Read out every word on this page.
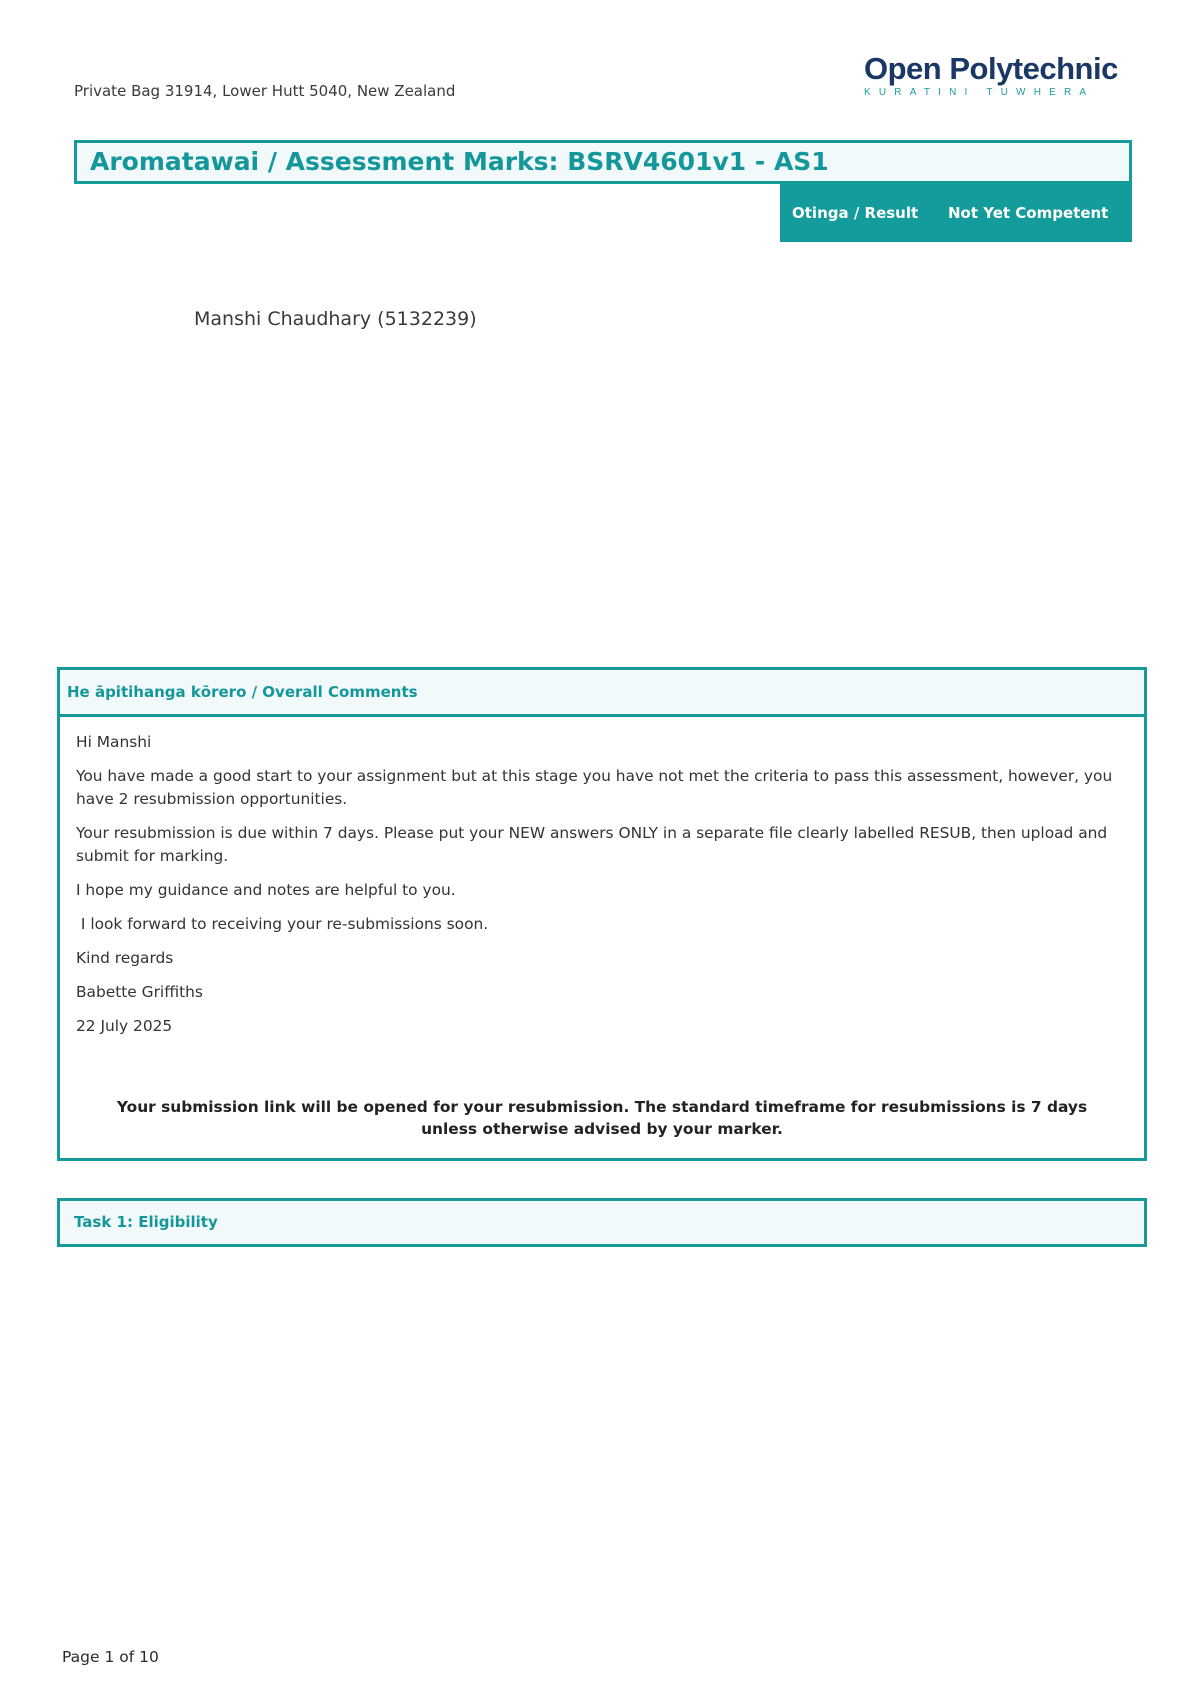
Private Bag 31914, Lower Hutt 5040, New Zealand
Open Polytechnic
KURATINI TUWHERA
Aromatawai / Assessment Marks: BSRV4601v1 - AS1
Otinga / Result Not Yet Competent
Manshi Chaudhary (5132239)
He āpitihanga kōrero / Overall Comments

Hi Manshi

You have made a good start to your assignment but at this stage you have not met the criteria to pass this assessment, however, you have 2 resubmission opportunities.

Your resubmission is due within 7 days. Please put your NEW answers ONLY in a separate file clearly labelled RESUB, then upload and submit for marking.

I hope my guidance and notes are helpful to you.

I look forward to receiving your re-submissions soon.

Kind regards

Babette Griffiths

22 July 2025

Your submission link will be opened for your resubmission. The standard timeframe for resubmissions is 7 days unless otherwise advised by your marker.
Task 1: Eligibility
Page 1 of 10
